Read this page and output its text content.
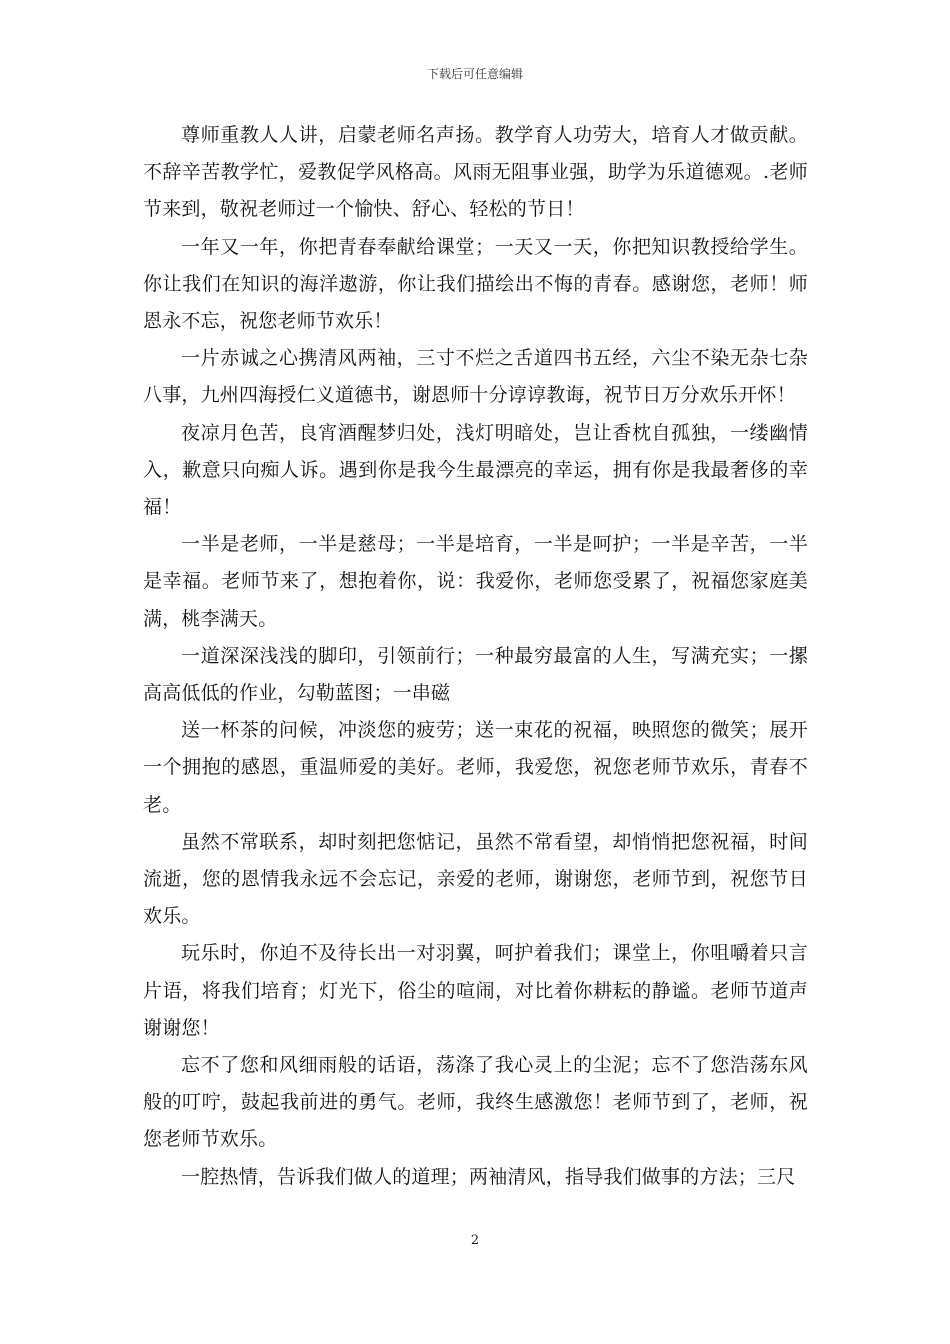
下载后可任意编辑

尊师重教人人讲，启蒙老师名声扬。教学育人功劳大，培育人才做贡献。不辞辛苦教学忙，爱教促学风格高。风雨无阻事业强，助学为乐道德观。.老师节来到，敬祝老师过一个愉快、舒心、轻松的节日！

一年又一年，你把青春奉献给课堂；一天又一天，你把知识教授给学生。你让我们在知识的海洋遨游，你让我们描绘出不悔的青春。感谢您，老师！师恩永不忘，祝您老师节欢乐！

一片赤诚之心携清风两袖，三寸不烂之舌道四书五经，六尘不染无杂七杂八事，九州四海授仁义道德书，谢恩师十分谆谆教诲，祝节日万分欢乐开怀！

夜凉月色苦，良宵酒醒梦归处，浅灯明暗处，岂让香枕自孤独，一缕幽情入，歉意只向痴人诉。遇到你是我今生最漂亮的幸运，拥有你是我最奢侈的幸福！

一半是老师，一半是慈母；一半是培育，一半是呵护；一半是辛苦，一半是幸福。老师节来了，想抱着你，说：我爱你，老师您受累了，祝福您家庭美满，桃李满天。

一道深深浅浅的脚印，引领前行；一种最穷最富的人生，写满充实；一摞高高低低的作业，勾勒蓝图；一串磁

送一杯茶的问候，冲淡您的疲劳；送一束花的祝福，映照您的微笑；展开一个拥抱的感恩，重温师爱的美好。老师，我爱您，祝您老师节欢乐，青春不老。

虽然不常联系，却时刻把您惦记，虽然不常看望，却悄悄把您祝福，时间流逝，您的恩情我永远不会忘记，亲爱的老师，谢谢您，老师节到，祝您节日欢乐。

玩乐时，你迫不及待长出一对羽翼，呵护着我们；课堂上，你咀嚼着只言片语，将我们培育；灯光下，俗尘的喧闹，对比着你耕耘的静谧。老师节道声谢谢您！

忘不了您和风细雨般的话语，荡涤了我心灵上的尘泥；忘不了您浩荡东风般的叮咛，鼓起我前进的勇气。老师，我终生感激您！老师节到了，老师，祝您老师节欢乐。

一腔热情，告诉我们做人的道理；两袖清风，指导我们做事的方法；三尺

2
